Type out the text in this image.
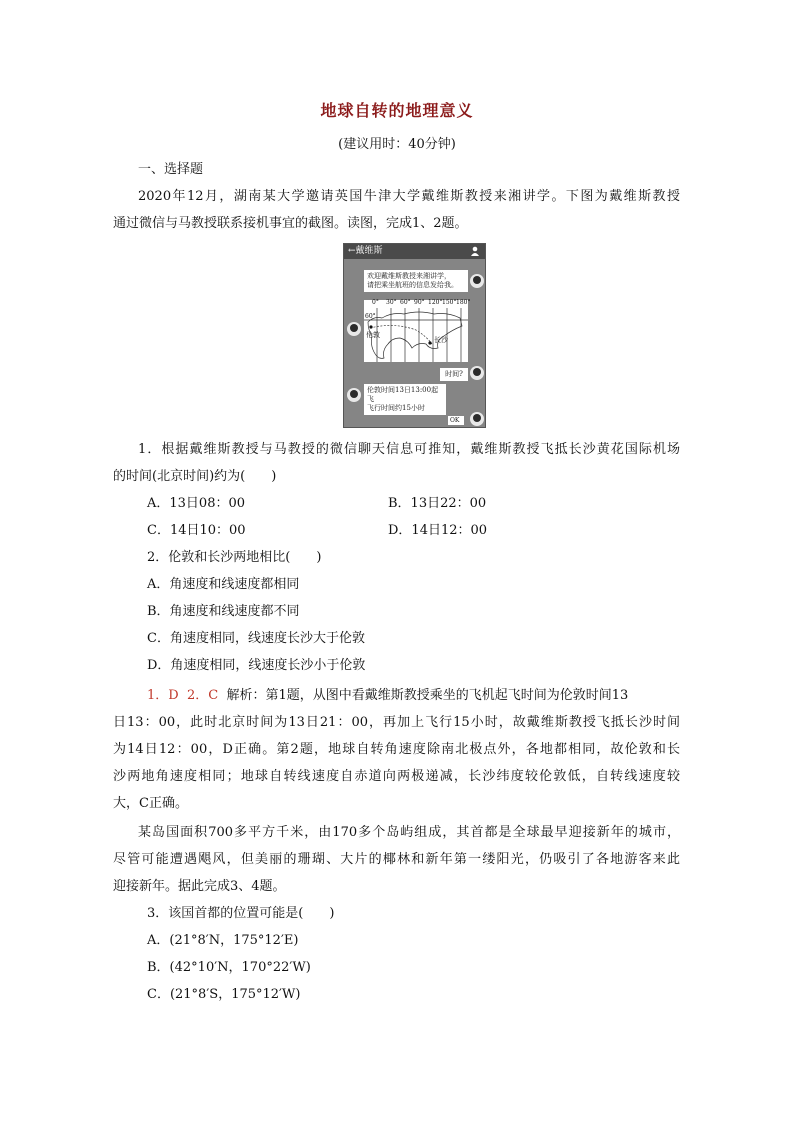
地球自转的地理意义
(建议用时：40分钟)
一、选择题
2020年12月，湖南某大学邀请英国牛津大学戴维斯教授来湘讲学。下图为戴维斯教授
通过微信与马教授联系接机事宜的截图。读图，完成1、2题。
←戴维斯
欢迎戴维斯教授来湘讲学，
请把乘坐航班的信息发给我。
0° 30° 60° 90° 120° 150° 180°
60°
伦敦
长沙
时间?
伦敦时间13日13:00起飞
飞行时间约15小时
OK
1．根据戴维斯教授与马教授的微信聊天信息可推知，戴维斯教授飞抵长沙黄花国际机场
的时间(北京时间)约为(　　)
A．13日08：00	B．13日22：00
C．14日10：00	D．14日12：00
2．伦敦和长沙两地相比(　　)
A．角速度和线速度都相同
B．角速度和线速度都不同
C．角速度相同，线速度长沙大于伦敦
D．角速度相同，线速度长沙小于伦敦
1．D 2．C 解析：第1题，从图中看戴维斯教授乘坐的飞机起飞时间为伦敦时间13
日13：00，此时北京时间为13日21：00，再加上飞行15小时，故戴维斯教授飞抵长沙时间
为14日12：00，D正确。第2题，地球自转角速度除南北极点外，各地都相同，故伦敦和长
沙两地角速度相同；地球自转线速度自赤道向两极递减，长沙纬度较伦敦低，自转线速度较
大，C正确。
某岛国面积700多平方千米，由170多个岛屿组成，其首都是全球最早迎接新年的城市，
尽管可能遭遇飓风，但美丽的珊瑚、大片的椰林和新年第一缕阳光，仍吸引了各地游客来此
迎接新年。据此完成3、4题。
3．该国首都的位置可能是(　　)
A．(21°8′N，175°12′E)
B．(42°10′N，170°22′W)
C．(21°8′S，175°12′W)
